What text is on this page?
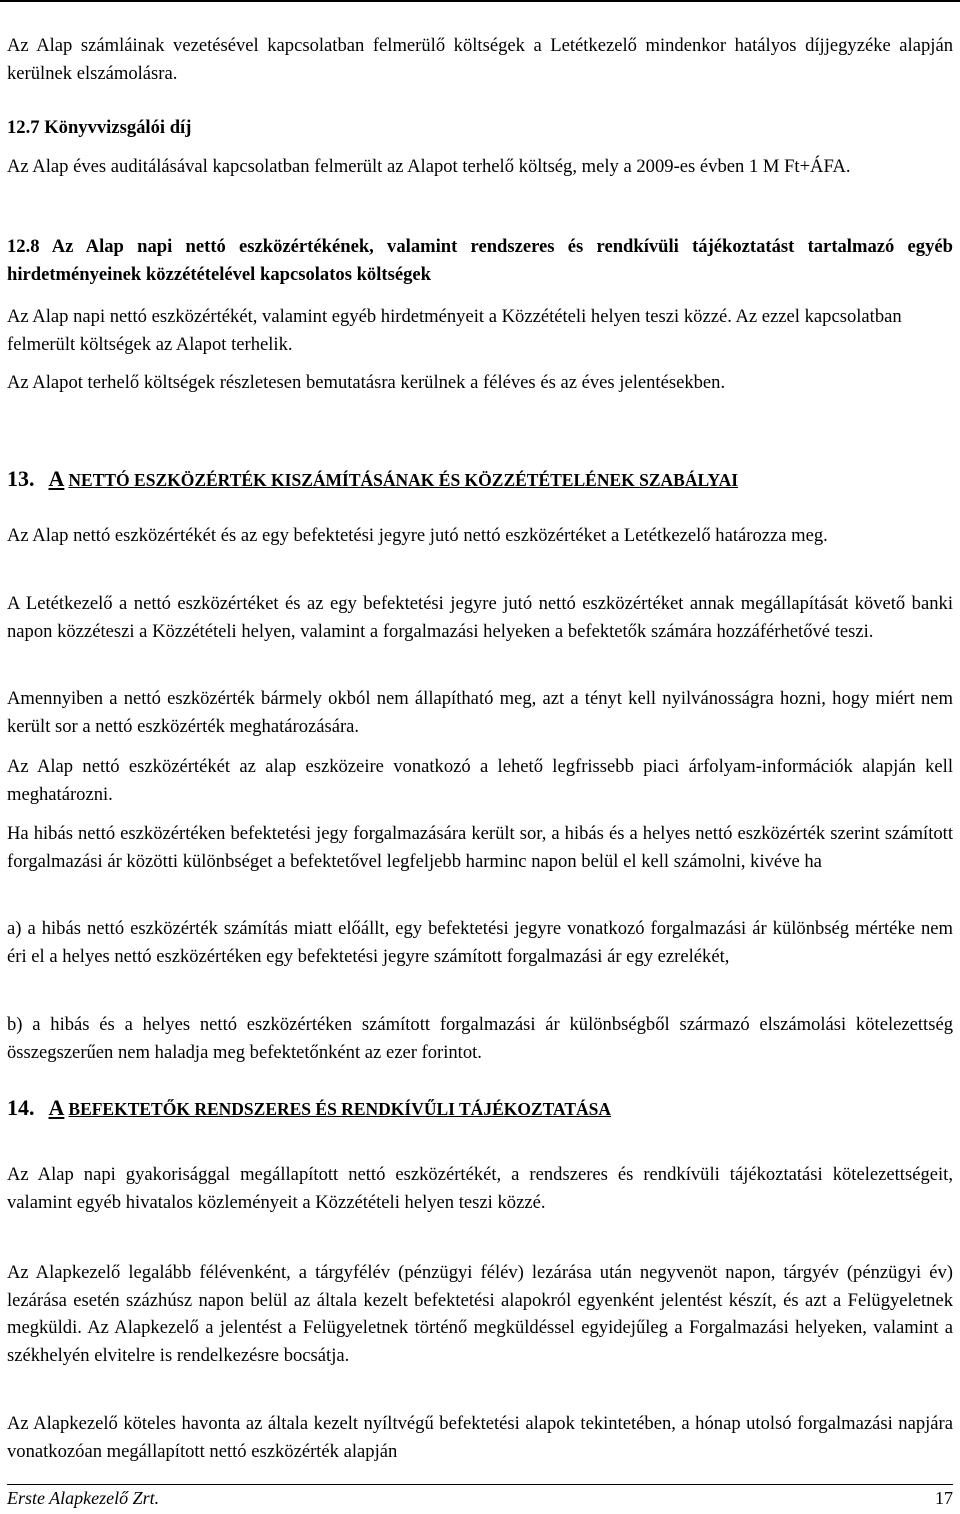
Az Alap számláinak vezetésével kapcsolatban felmerülő költségek a Letétkezelő mindenkor hatályos díjjegyzéke alapján kerülnek elszámolásra.
12.7 Könyvvizsgálói díj
Az Alap éves auditálásával kapcsolatban felmerült az Alapot terhelő költség, mely a 2009-es évben 1 M Ft+ÁFA.
12.8 Az Alap napi nettó eszközértékének, valamint rendszeres és rendkívüli tájékoztatást tartalmazó egyéb hirdetményeinek közzétételével kapcsolatos költségek
Az Alap napi nettó eszközértékét, valamint egyéb hirdetményeit a Közzétételi helyen teszi közzé. Az ezzel kapcsolatban felmerült költségek az Alapot terhelik.
Az Alapot terhelő költségek részletesen bemutatásra kerülnek a féléves és az éves jelentésekben.
13. A NETTÓ ESZKÖZÉRTÉK KISZÁMÍTÁSÁNAK ÉS KÖZZÉTÉTELÉNEK SZABÁLYAI
Az Alap nettó eszközértékét és az egy befektetési jegyre jutó nettó eszközértéket a Letétkezelő határozza meg.
A Letétkezelő a nettó eszközértéket és az egy befektetési jegyre jutó nettó eszközértéket annak megállapítását követő banki napon közzéteszi a Közzétételi helyen, valamint a forgalmazási helyeken a befektetők számára hozzáférhetővé teszi.
Amennyiben a nettó eszközérték bármely okból nem állapítható meg, azt a tényt kell nyilvánosságra hozni, hogy miért nem került sor a nettó eszközérték meghatározására.
Az Alap nettó eszközértékét az alap eszközeire vonatkozó a lehető legfrissebb piaci árfolyam-információk alapján kell meghatározni.
Ha hibás nettó eszközértéken befektetési jegy forgalmazására került sor, a hibás és a helyes nettó eszközérték szerint számított forgalmazási ár közötti különbséget a befektetővel legfeljebb harminc napon belül el kell számolni, kivéve ha
a) a hibás nettó eszközérték számítás miatt előállt, egy befektetési jegyre vonatkozó forgalmazási ár különbség mértéke nem éri el a helyes nettó eszközértéken egy befektetési jegyre számított forgalmazási ár egy ezrelékét,
b) a hibás és a helyes nettó eszközértéken számított forgalmazási ár különbségből származó elszámolási kötelezettség összegszerűen nem haladja meg befektetőnként az ezer forintot.
14. A BEFEKTETŐK RENDSZERES ÉS RENDKÍVŰLI TÁJÉKOZTATÁSA
Az Alap napi gyakorisággal megállapított nettó eszközértékét, a rendszeres és rendkívüli tájékoztatási kötelezettségeit, valamint egyéb hivatalos közleményeit a Közzétételi helyen teszi közzé.
Az Alapkezelő legalább félévenként, a tárgyfélév (pénzügyi félév) lezárása után negyvenöt napon, tárgyév (pénzügyi év) lezárása esetén százhúsz napon belül az általa kezelt befektetési alapokról egyenként jelentést készít, és azt a Felügyeletnek megküldi. Az Alapkezelő a jelentést a Felügyeletnek történő megküldéssel egyidejűleg a Forgalmazási helyeken, valamint a székhelyén elvitelre is rendelkezésre bocsátja.
Az Alapkezelő köteles havonta az általa kezelt nyíltvégű befektetési alapok tekintetében, a hónap utolsó forgalmazási napjára vonatkozóan megállapított nettó eszközérték alapján
Erste Alapkezelő Zrt.	17
